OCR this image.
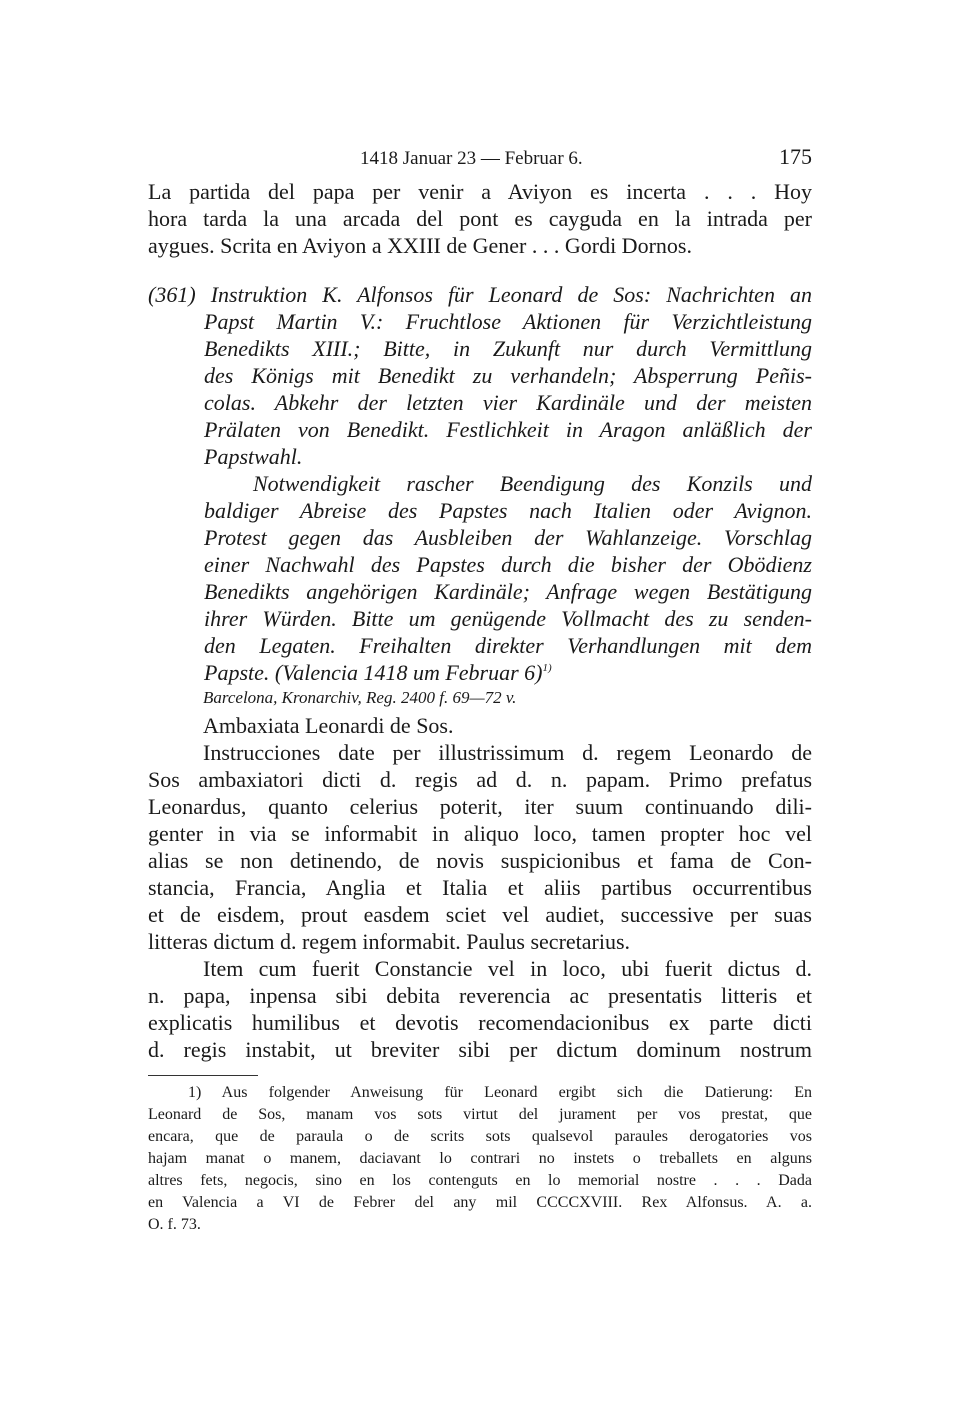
1418 Januar 23 — Februar 6.	175
La partida del papa per venir a Aviyon es incerta . . . Hoy
hora tarda la una arcada del pont es cayguda en la intrada per
aygues. Scrita en Aviyon a XXIII de Gener . . . Gordi Dornos.
(361) Instruktion K. Alfonsos für Leonard de Sos: Nachrichten an
Papst Martin V.: Fruchtlose Aktionen für Verzichtleistung
Benedikts XIII.; Bitte, in Zukunft nur durch Vermittlung
des Königs mit Benedikt zu verhandeln; Absperrung Peñis-
colas. Abkehr der letzten vier Kardinäle und der meisten
Prälaten von Benedikt. Festlichkeit in Aragon anläßlich der
Papstwahl.
Notwendigkeit rascher Beendigung des Konzils und
baldiger Abreise des Papstes nach Italien oder Avignon.
Protest gegen das Ausbleiben der Wahlanzeige. Vorschlag
einer Nachwahl des Papstes durch die bisher der Obödienz
Benedikts angehörigen Kardinäle; Anfrage wegen Bestätigung
ihrer Würden. Bitte um genügende Vollmacht des zu senden-
den Legaten. Freihalten direkter Verhandlungen mit dem
Papste. (Valencia 1418 um Februar 6)$^{1)}$
Barcelona, Kronarchiv, Reg. 2400 f. 69—72 v.
Ambaxiata Leonardi de Sos.
Instrucciones date per illustrissimum d. regem Leonardo de
Sos ambaxiatori dicti d. regis ad d. n. papam. Primo prefatus
Leonardus, quanto celerius poterit, iter suum continuando dili-
genter in via se informabit in aliquo loco, tamen propter hoc vel
alias se non detinendo, de novis suspicionibus et fama de Con-
stancia, Francia, Anglia et Italia et aliis partibus occurrentibus
et de eisdem, prout easdem sciet vel audiet, successive per suas
litteras dictum d. regem informabit. Paulus secretarius.
Item cum fuerit Constancie vel in loco, ubi fuerit dictus d.
n. papa, inpensa sibi debita reverencia ac presentatis litteris et
explicatis humilibus et devotis recomendacionibus ex parte dicti
d. regis instabit, ut breviter sibi per dictum dominum nostrum
1) Aus folgender Anweisung für Leonard ergibt sich die Datierung: En
Leonard de Sos, manam vos sots virtut del jurament per vos prestat, que
encara, que de paraula o de scrits sots qualsevol paraules derogatories vos
hajam manat o manem, daciavant lo contrari no instets o treballets en alguns
altres fets, negocis, sino en los contenguts en lo memorial nostre . . . Dada
en Valencia a VI de Febrer del any mil CCCCXVIII. Rex Alfonsus. A. a.
O. f. 73.
